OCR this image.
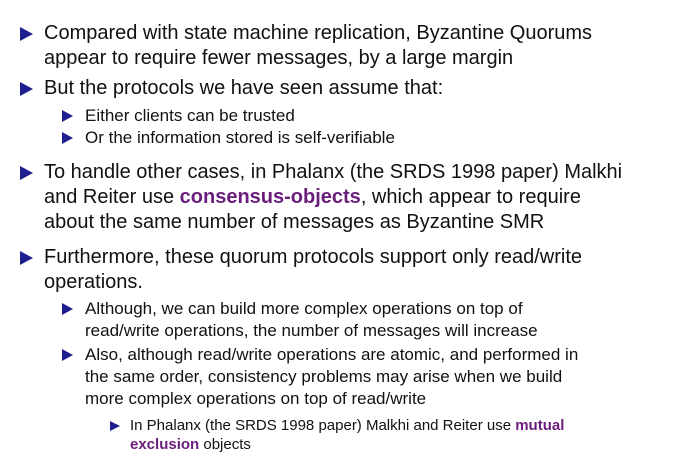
Compared with state machine replication, Byzantine Quorums
appear to require fewer messages, by a large margin
But the protocols we have seen assume that:
Either clients can be trusted
Or the information stored is self-verifiable
To handle other cases, in Phalanx (the SRDS 1998 paper) Malkhi
and Reiter use consensus-objects, which appear to require
about the same number of messages as Byzantine SMR
Furthermore, these quorum protocols support only read/write
operations.
Although, we can build more complex operations on top of
read/write operations, the number of messages will increase
Also, although read/write operations are atomic, and performed in
the same order, consistency problems may arise when we build
more complex operations on top of read/write
In Phalanx (the SRDS 1998 paper) Malkhi and Reiter use mutual
exclusion objects
